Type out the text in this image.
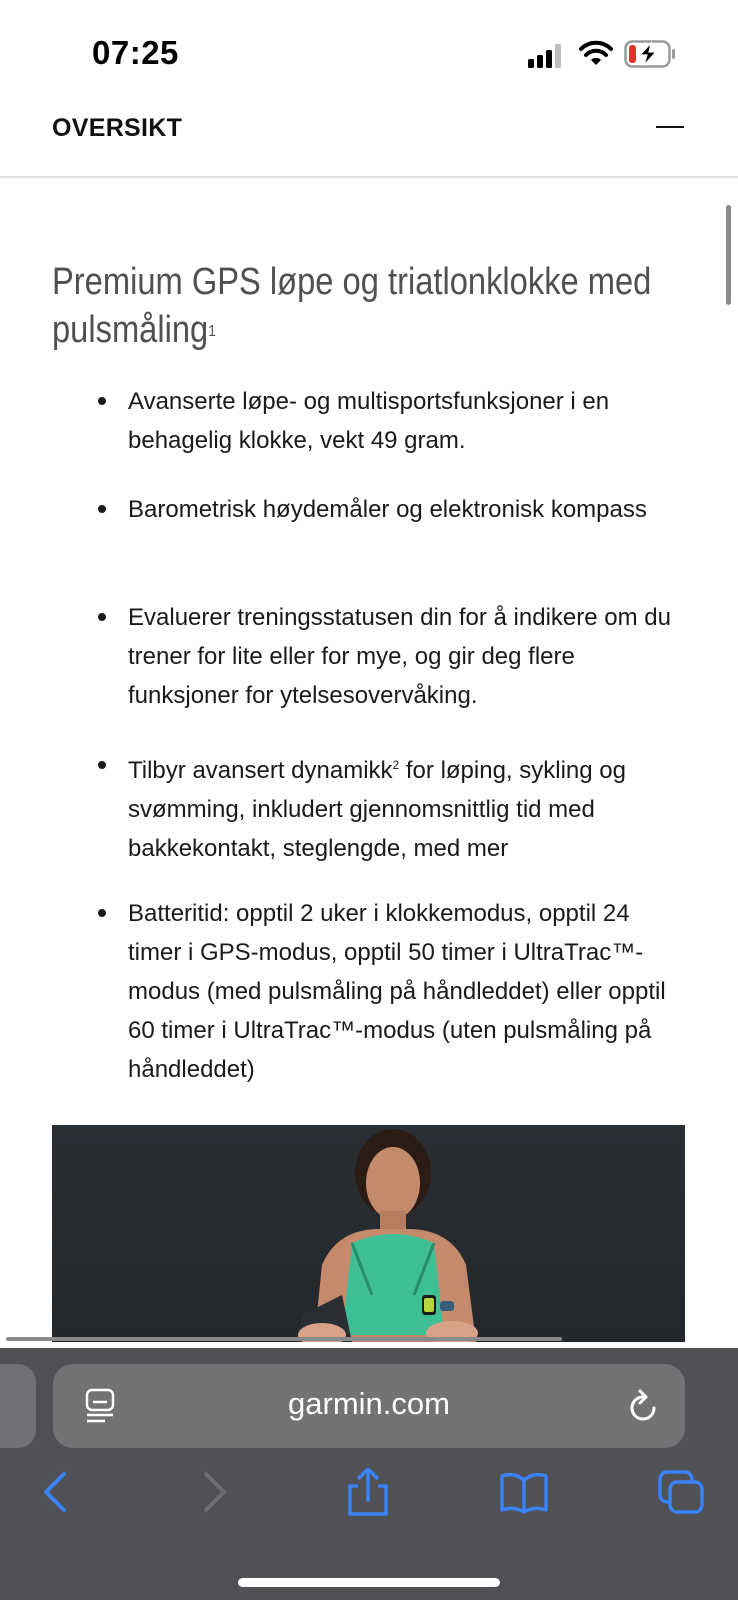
07:25
OVERSIKT
Premium GPS løpe og triatlonklokke med pulsmåling$^1$
Avanserte løpe- og multisportsfunksjoner i en behagelig klokke, vekt 49 gram.
Barometrisk høydemåler og elektronisk kompass
Evaluerer treningsstatusen din for å indikere om du trener for lite eller for mye, og gir deg flere funksjoner for ytelsesovervåking.
Tilbyr avansert dynamikk$^2$ for løping, sykling og svømming, inkludert gjennomsnittlig tid med bakkekontakt, steglengde, med mer
Batteritid: opptil 2 uker i klokkemodus, opptil 24 timer i GPS-modus, opptil 50 timer i UltraTrac™-modus (med pulsmåling på håndleddet) eller opptil 60 timer i UltraTrac™-modus (uten pulsmåling på håndleddet)
garmin.com
